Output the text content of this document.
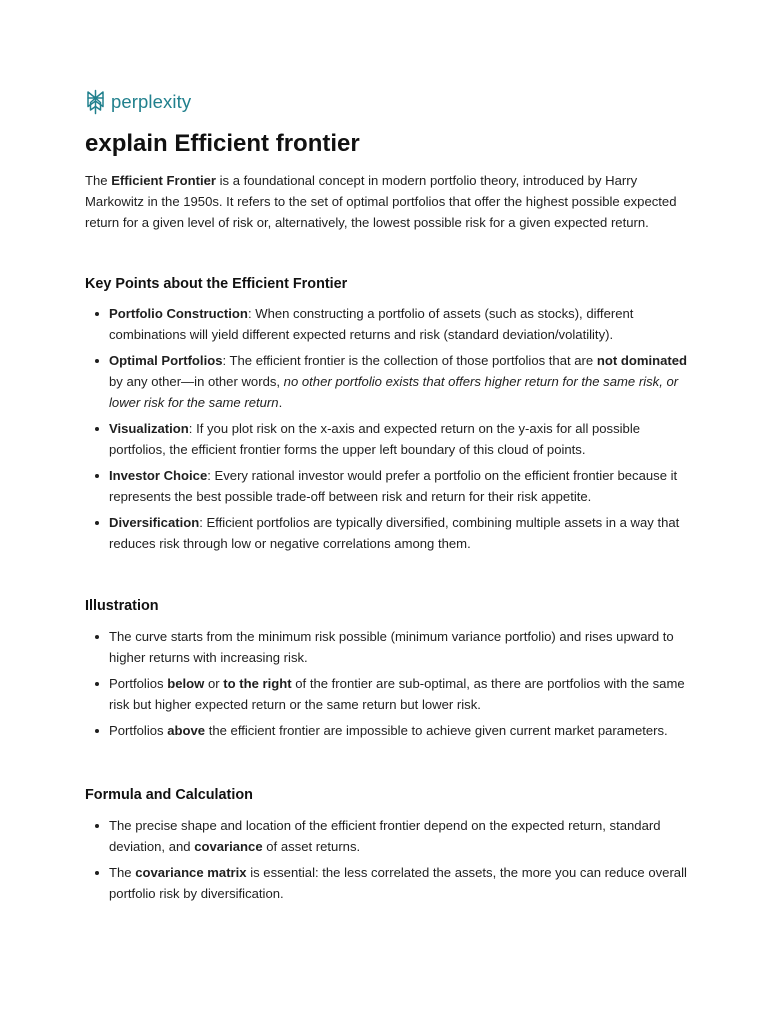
perplexity
explain Efficient frontier

The Efficient Frontier is a foundational concept in modern portfolio theory, introduced by Harry Markowitz in the 1950s. It refers to the set of optimal portfolios that offer the highest possible expected return for a given level of risk or, alternatively, the lowest possible risk for a given expected return.

Key Points about the Efficient Frontier
Portfolio Construction: When constructing a portfolio of assets (such as stocks), different combinations will yield different expected returns and risk (standard deviation/volatility).
Optimal Portfolios: The efficient frontier is the collection of those portfolios that are not dominated by any other—in other words, no other portfolio exists that offers higher return for the same risk, or lower risk for the same return.
Visualization: If you plot risk on the x-axis and expected return on the y-axis for all possible portfolios, the efficient frontier forms the upper left boundary of this cloud of points.
Investor Choice: Every rational investor would prefer a portfolio on the efficient frontier because it represents the best possible trade-off between risk and return for their risk appetite.
Diversification: Efficient portfolios are typically diversified, combining multiple assets in a way that reduces risk through low or negative correlations among them.
Illustration
The curve starts from the minimum risk possible (minimum variance portfolio) and rises upward to higher returns with increasing risk.
Portfolios below or to the right of the frontier are sub-optimal, as there are portfolios with the same risk but higher expected return or the same return but lower risk.
Portfolios above the efficient frontier are impossible to achieve given current market parameters.
Formula and Calculation
The precise shape and location of the efficient frontier depend on the expected return, standard deviation, and covariance of asset returns.
The covariance matrix is essential: the less correlated the assets, the more you can reduce overall portfolio risk by diversification.
